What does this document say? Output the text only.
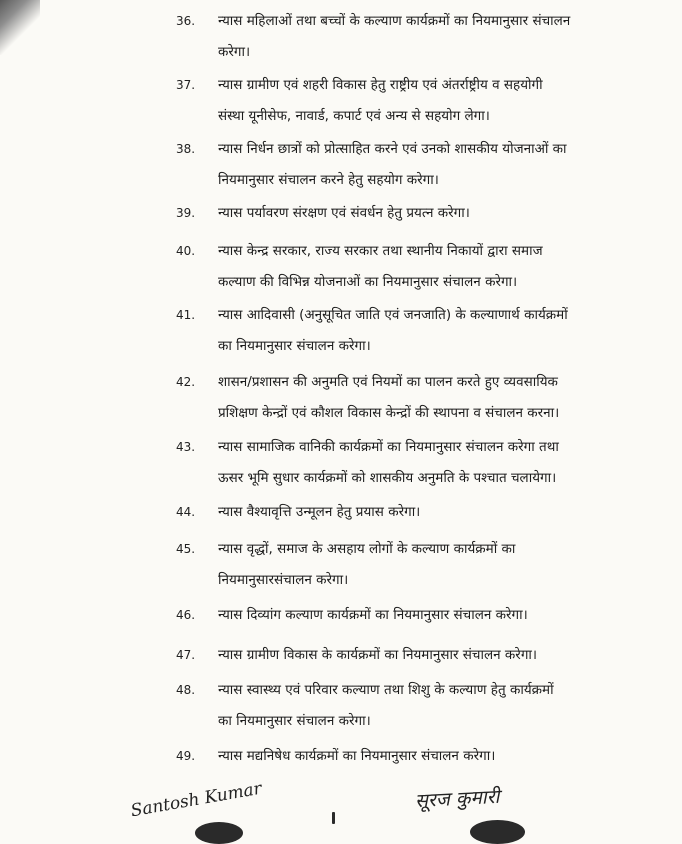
36.	न्यास महिलाओं तथा बच्चों के कल्याण कार्यक्रमों का नियमानुसार संचालन
करेगा।
37.	न्यास ग्रामीण एवं शहरी विकास हेतु राष्ट्रीय एवं अंतर्राष्ट्रीय व सहयोगी
संस्था यूनीसेफ, नावार्ड, कपार्ट एवं अन्य से सहयोग लेगा।
38.	न्यास निर्धन छात्रों को प्रोत्साहित करने एवं उनको शासकीय योजनाओं का
नियमानुसार संचालन करने हेतु सहयोग करेगा।
39.	न्यास पर्यावरण संरक्षण एवं संवर्धन हेतु प्रयत्न करेगा।
40.	न्यास केन्द्र सरकार, राज्य सरकार तथा स्थानीय निकायों द्वारा समाज
कल्याण की विभिन्न योजनाओं का नियमानुसार संचालन करेगा।
41.	न्यास आदिवासी (अनुसूचित जाति एवं जनजाति) के कल्याणार्थ कार्यक्रमों
का नियमानुसार संचालन करेगा।
42.	शासन/प्रशासन की अनुमति एवं नियमों का पालन करते हुए व्यवसायिक
प्रशिक्षण केन्द्रों एवं कौशल विकास केन्द्रों की स्थापना व संचालन करना।
43.	न्यास सामाजिक वानिकी कार्यक्रमों का नियमानुसार संचालन करेगा तथा
ऊसर भूमि सुधार कार्यक्रमों को शासकीय अनुमति के पश्चात चलायेगा।
44.	न्यास वैश्यावृत्ति उन्मूलन हेतु प्रयास करेगा।
45.	न्यास वृद्धों, समाज के असहाय लोगों के कल्याण कार्यक्रमों का
नियमानुसारसंचालन करेगा।
46.	न्यास दिव्यांग कल्याण कार्यक्रमों का नियमानुसार संचालन करेगा।
47.	न्यास ग्रामीण विकास के कार्यक्रमों का नियमानुसार संचालन करेगा।
48.	न्यास स्वास्थ्य एवं परिवार कल्याण तथा शिशु के कल्याण हेतु कार्यक्रमों
का नियमानुसार संचालन करेगा।
49.	न्यास मद्यनिषेध कार्यक्रमों का नियमानुसार संचालन करेगा।
Santosh Kumar	सूरज कुमारी
